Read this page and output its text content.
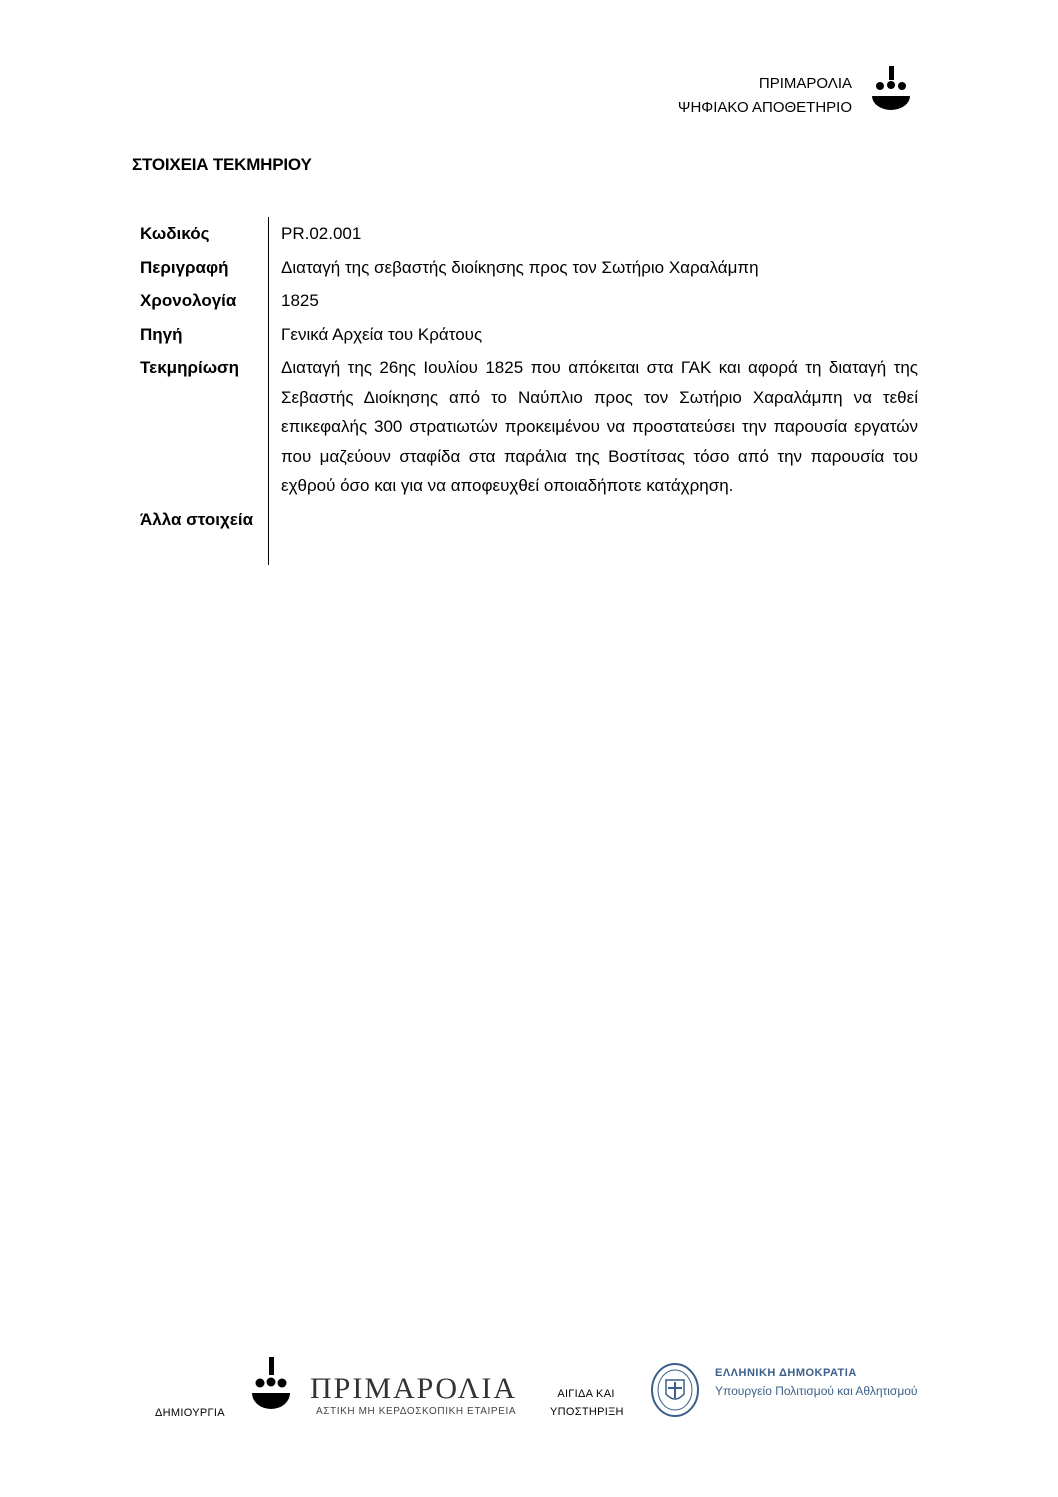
ΠΡΙΜΑΡΟΛΙΑ
ΨΗΦΙΑΚΟ ΑΠΟΘΕΤΗΡΙΟ
ΣΤΟΙΧΕΙΑ ΤΕΚΜΗΡΙΟΥ
Κωδικός	PR.02.001
Περιγραφή	Διαταγή της σεβαστής διοίκησης προς τον Σωτήριο Χαραλάμπη
Χρονολογία	1825
Πηγή	Γενικά Αρχεία του Κράτους
Τεκμηρίωση	Διαταγή της 26ης Ιουλίου 1825 που απόκειται στα ΓΑΚ και αφορά τη διαταγή της Σεβαστής Διοίκησης από το Ναύπλιο προς τον Σωτήριο Χαραλάμπη να τεθεί επικεφαλής 300 στρατιωτών προκειμένου να προστατεύσει την παρουσία εργατών που μαζεύουν σταφίδα στα παράλια της Βοστίτσας τόσο από την παρουσία του εχθρού όσο και για να αποφευχθεί οποιαδήποτε κατάχρηση.
Άλλα στοιχεία	
ΔΗΜΙΟΥΡΓΙΑ
ΠΡΙΜΑΡΟΛΙΑ
ΑΣΤΙΚΗ ΜΗ ΚΕΡΔΟΣΚΟΠΙΚΗ ΕΤΑΙΡΕΙΑ
ΑΙΓΙΔΑ ΚΑΙ
ΥΠΟΣΤΗΡΙΞΗ
ΕΛΛΗΝΙΚΗ ΔΗΜΟΚΡΑΤΙΑ
Υπουργείο Πολιτισμού και Αθλητισμού
